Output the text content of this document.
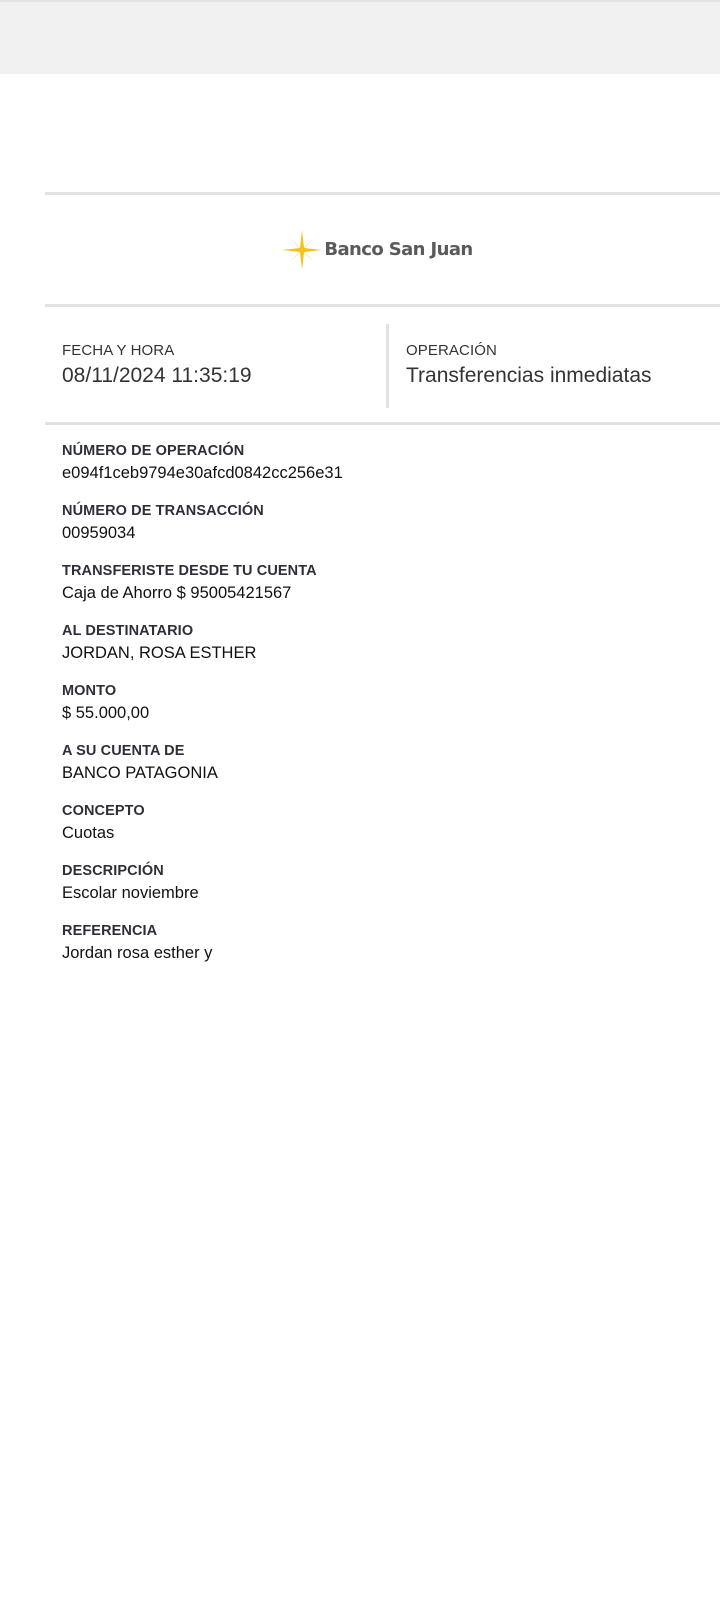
Banco San Juan
FECHA Y HORA
08/11/2024 11:35:19
OPERACIÓN
Transferencias inmediatas
NÚMERO DE OPERACIÓN
e094f1ceb9794e30afcd0842cc256e31
NÚMERO DE TRANSACCIÓN
00959034
TRANSFERISTE DESDE TU CUENTA
Caja de Ahorro $ 95005421567
AL DESTINATARIO
JORDAN, ROSA ESTHER
MONTO
$ 55.000,00
A SU CUENTA DE
BANCO PATAGONIA
CONCEPTO
Cuotas
DESCRIPCIÓN
Escolar noviembre
REFERENCIA
Jordan rosa esther y
